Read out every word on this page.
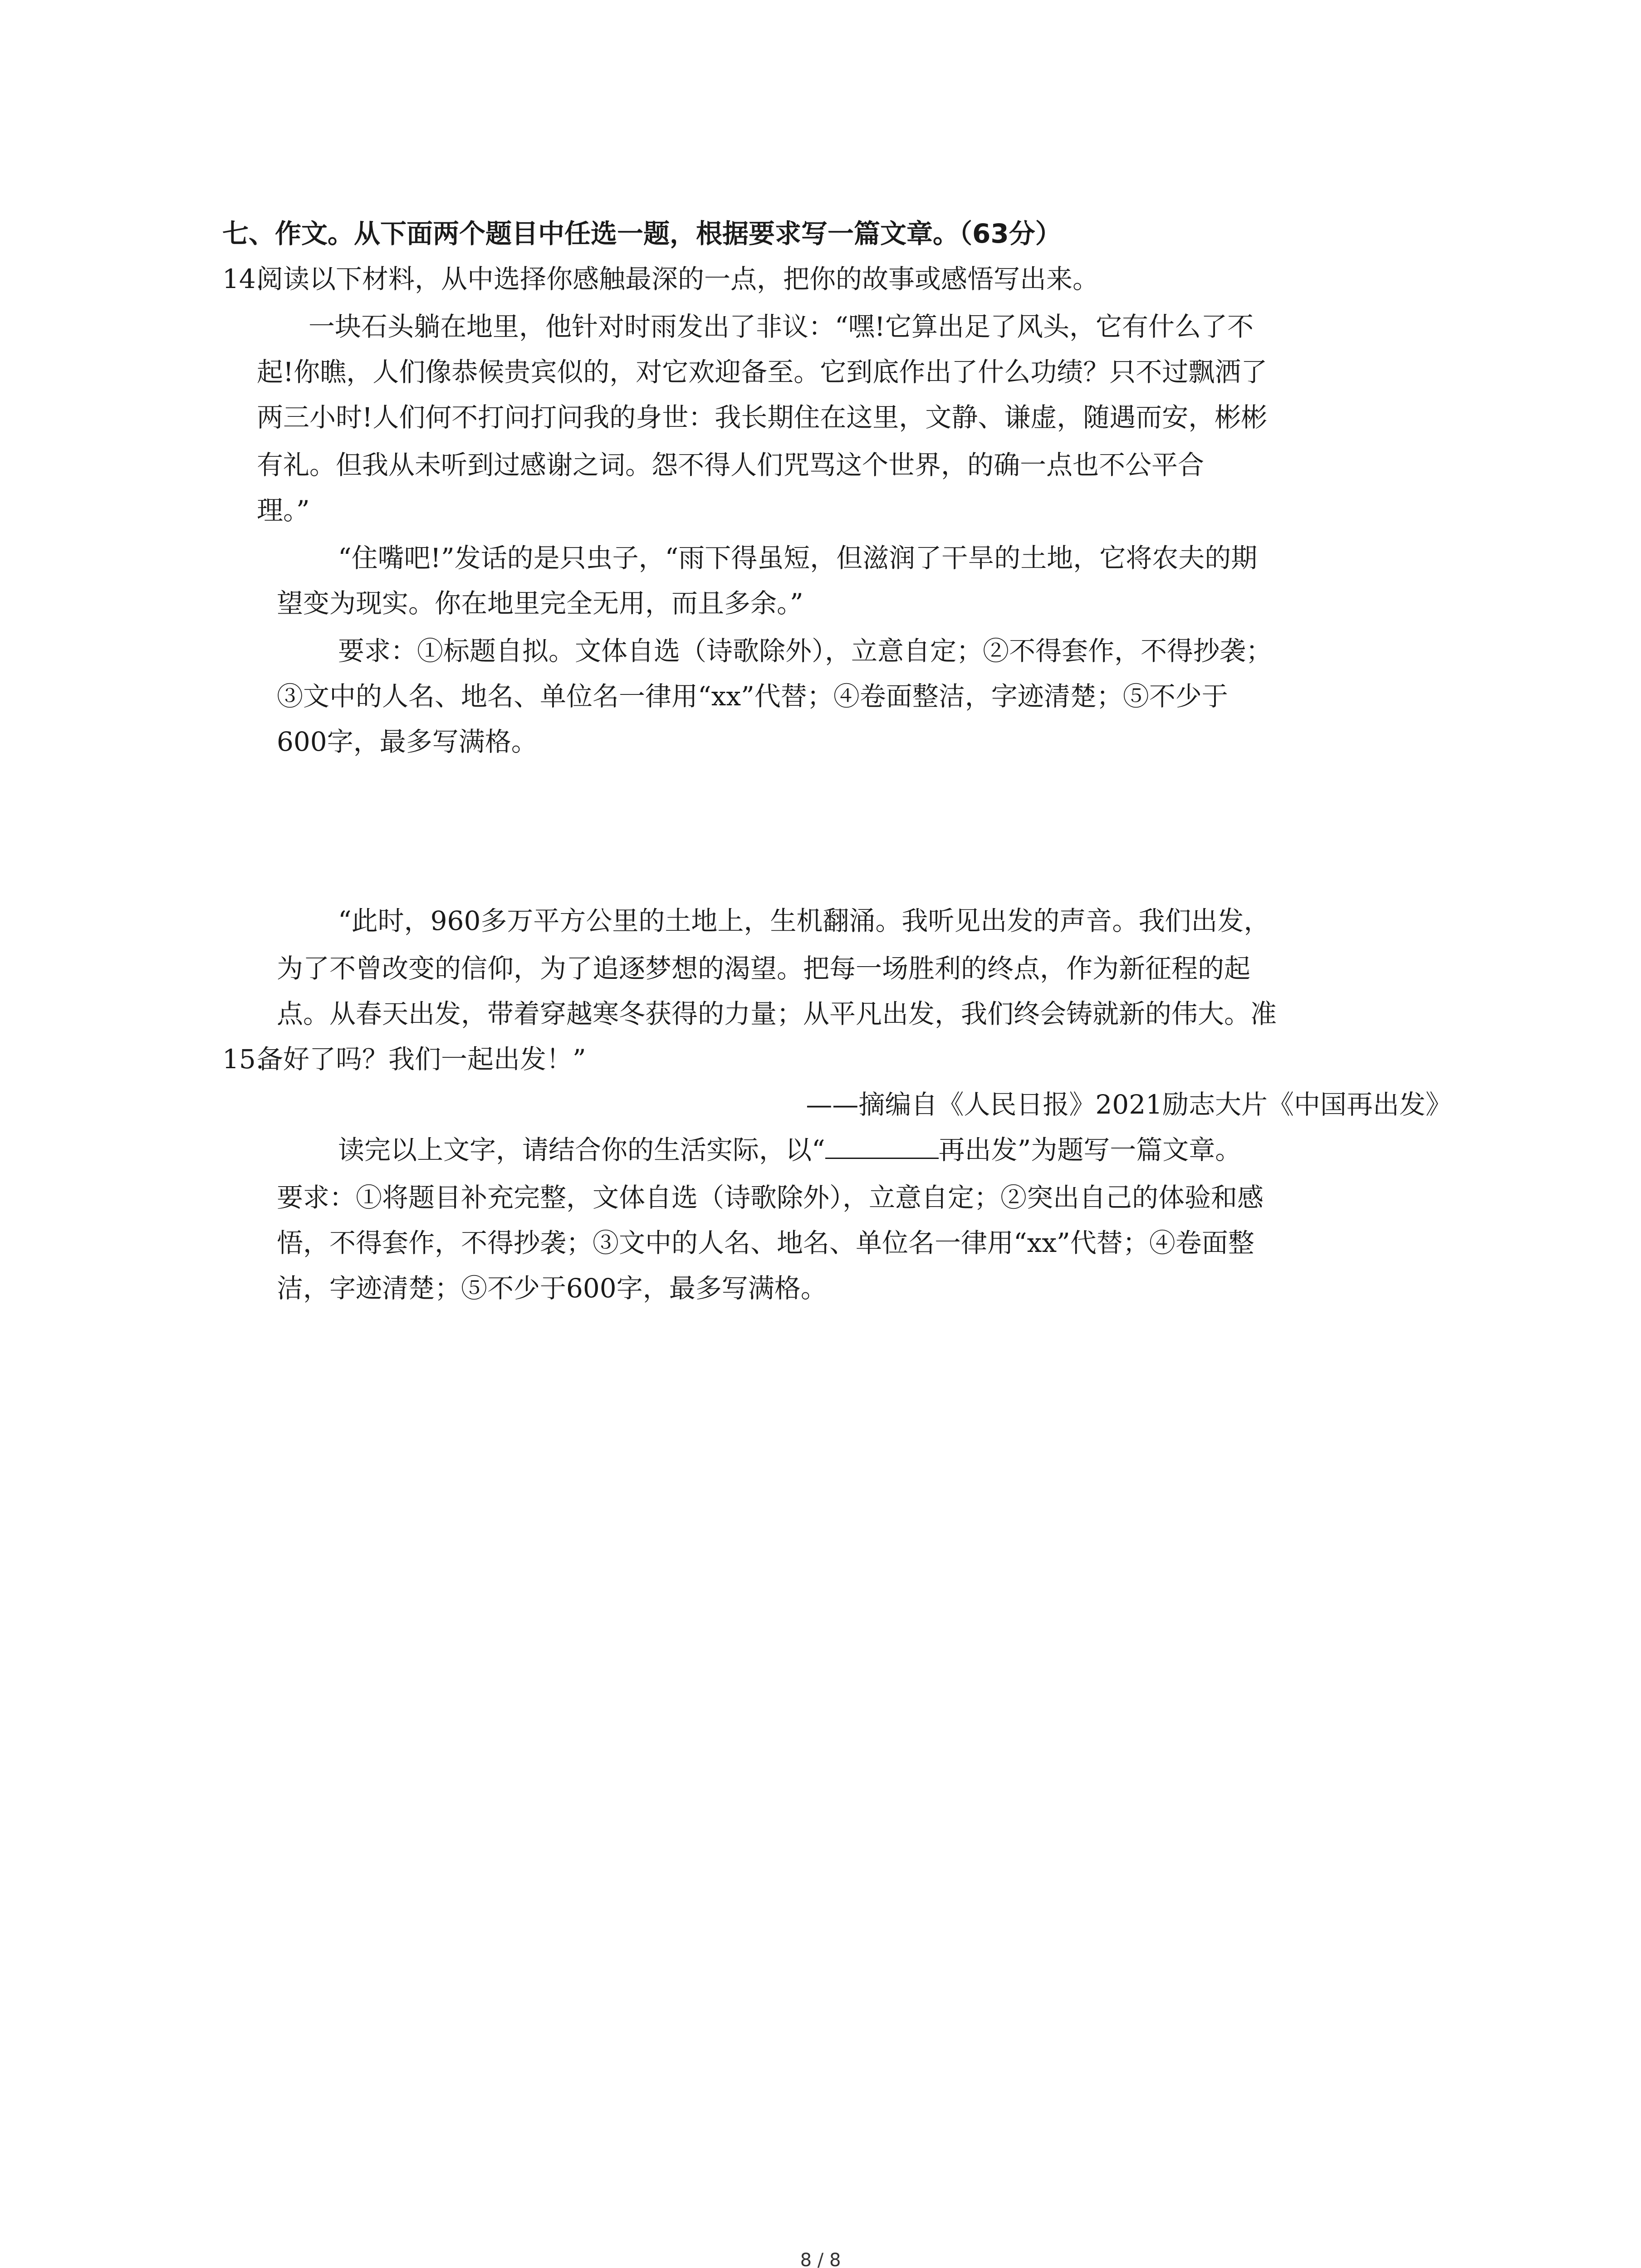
七、作文。从下面两个题目中任选一题，根据要求写一篇文章。（63分）

14.阅读以下材料，从中选择你感触最深的一点，把你的故事或感悟写出来。

一块石头躺在地里，他针对时雨发出了非议：“嘿!它算出足了风头，它有什么了不

起!你瞧，人们像恭候贵宾似的，对它欢迎备至。它到底作出了什么功绩？只不过飘洒了

两三小时!人们何不打问打问我的身世：我长期住在这里，文静、谦虚，随遇而安，彬彬

有礼。但我从未听到过感谢之词。怨不得人们咒骂这个世界，的确一点也不公平合

理。”

“住嘴吧!”发话的是只虫子，“雨下得虽短，但滋润了干旱的土地，它将农夫的期

望变为现实。你在地里完全无用，而且多余。”

要求：①标题自拟。文体自选（诗歌除外），立意自定；②不得套作，不得抄袭；

③文中的人名、地名、单位名一律用“xx”代替；④卷面整洁，字迹清楚；⑤不少于

600字，最多写满格。

“此时，960多万平方公里的土地上，生机翻涌。我听见出发的声音。我们出发，

为了不曾改变的信仰，为了追逐梦想的渴望。把每一场胜利的终点，作为新征程的起

点。从春天出发，带着穿越寒冬获得的力量；从平凡出发，我们终会铸就新的伟大。准

15.备好了吗？我们一起出发！”

——摘编自《人民日报》2021励志大片《中国再出发》

读完以上文字，请结合你的生活实际，以“	再出发”为题写一篇文章。

要求：①将题目补充完整，文体自选（诗歌除外），立意自定；②突出自己的体验和感

悟，不得套作，不得抄袭；③文中的人名、地名、单位名一律用“xx”代替；④卷面整

洁，字迹清楚；⑤不少于600字，最多写满格。

8 / 8
